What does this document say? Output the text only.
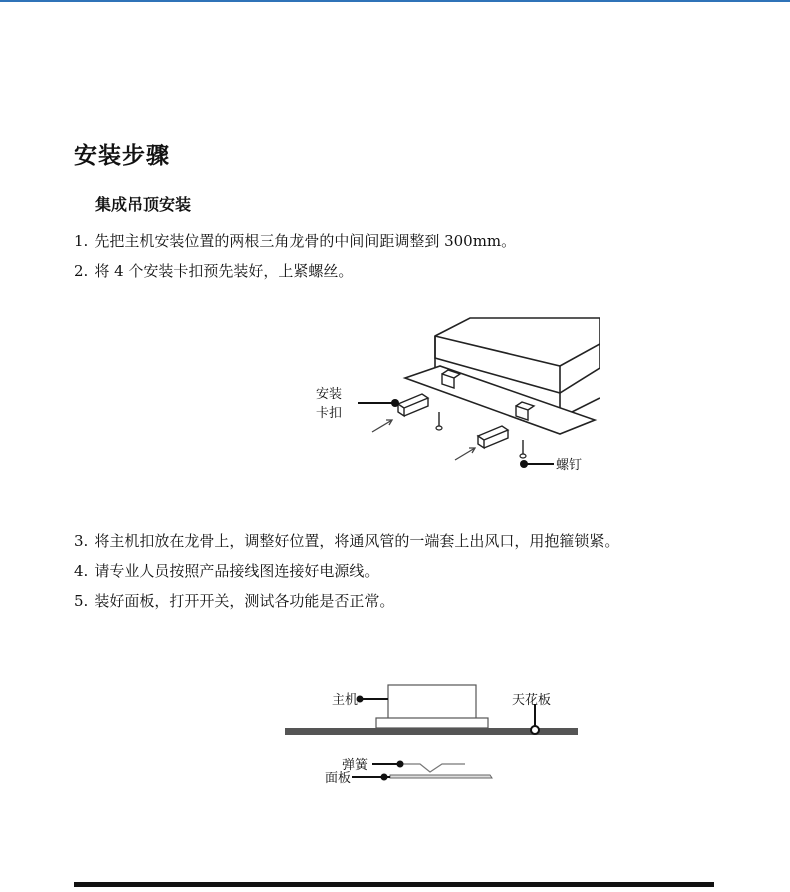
安装步骤
集成吊顶安装
1. 先把主机安装位置的两根三角龙骨的中间间距调整到 300mm。
2. 将 4 个安装卡扣预先装好，上紧螺丝。
安装
卡扣
螺钉
3. 将主机扣放在龙骨上，调整好位置，将通风管的一端套上出风口，用抱箍锁紧。
4. 请专业人员按照产品接线图连接好电源线。
5. 装好面板，打开开关，测试各功能是否正常。
主机	天花板
弹簧
面板
